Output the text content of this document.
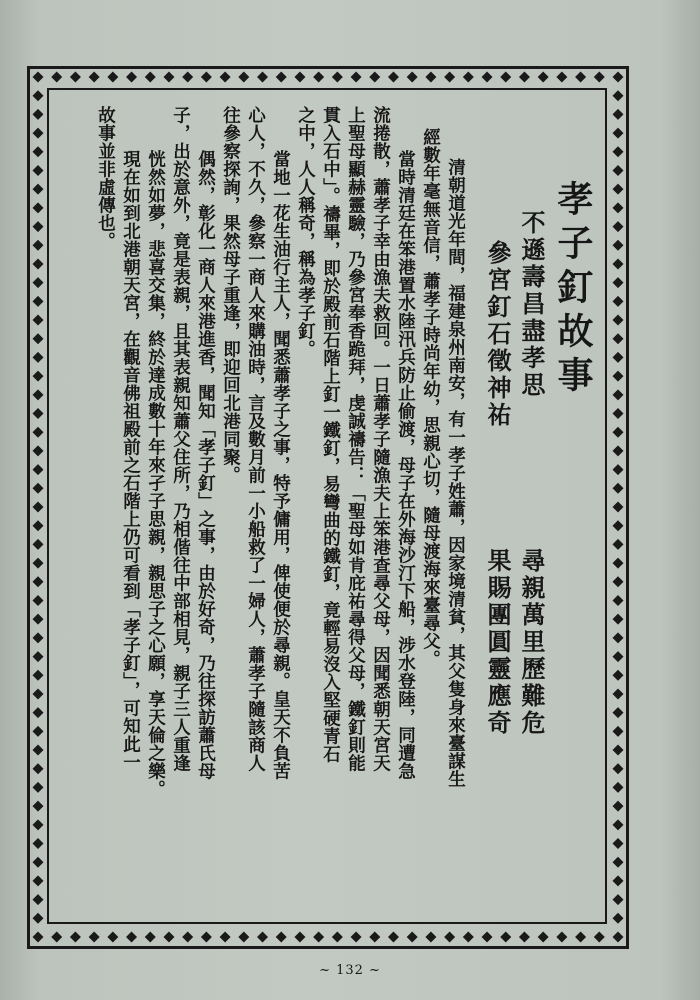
孝子釘故事
不遜壽昌盡孝思
參宮釘石徵神祐
尋親萬里歷難危
果賜團圓靈應奇
清朝道光年間，福建泉州南安，有一孝子姓蕭，因家境清貧，其父隻身來臺謀生
經數年毫無音信，蕭孝子時尚年幼，思親心切，隨母渡海來臺尋父。
當時清廷在笨港置水陸汛兵防止偷渡，母子在外海沙汀下船，涉水登陸，同遭急
流捲散，蕭孝子幸由漁夫救回。一日蕭孝子隨漁夫上笨港查尋父母，因聞悉朝天宮天
上聖母顯赫靈驗，乃參宮奉香跪拜，虔誠禱告：「聖母如肯庇祐尋得父母，鐵釘則能
貫入石中」。禱畢，即於殿前石階上釘一鐵釘，易彎曲的鐵釘，竟輕易沒入堅硬青石
之中，人人稱奇，稱為孝子釘。
當地一花生油行主人，聞悉蕭孝子之事，特予傭用，俾使便於尋親。皇天不負苦
心人，不久，參察一商人來購油時，言及數月前一小船救了一婦人，蕭孝子隨該商人
往參察探詢，果然母子重逢，即迎回北港同聚。
偶然，彰化一商人來港進香，聞知「孝子釘」之事，由於好奇，乃往探訪蕭氏母
子，出於意外，竟是表親，且其表親知蕭父住所，乃相偕往中部相見，親子三人重逢
恍然如夢，悲喜交集，終於達成數十年來孑子思親，親思子之心願，享天倫之樂。
現在如到北港朝天宮，在觀音佛祖殿前之石階上仍可看到「孝子釘」，可知此一
故事並非虛傳也。
~ 132 ~
